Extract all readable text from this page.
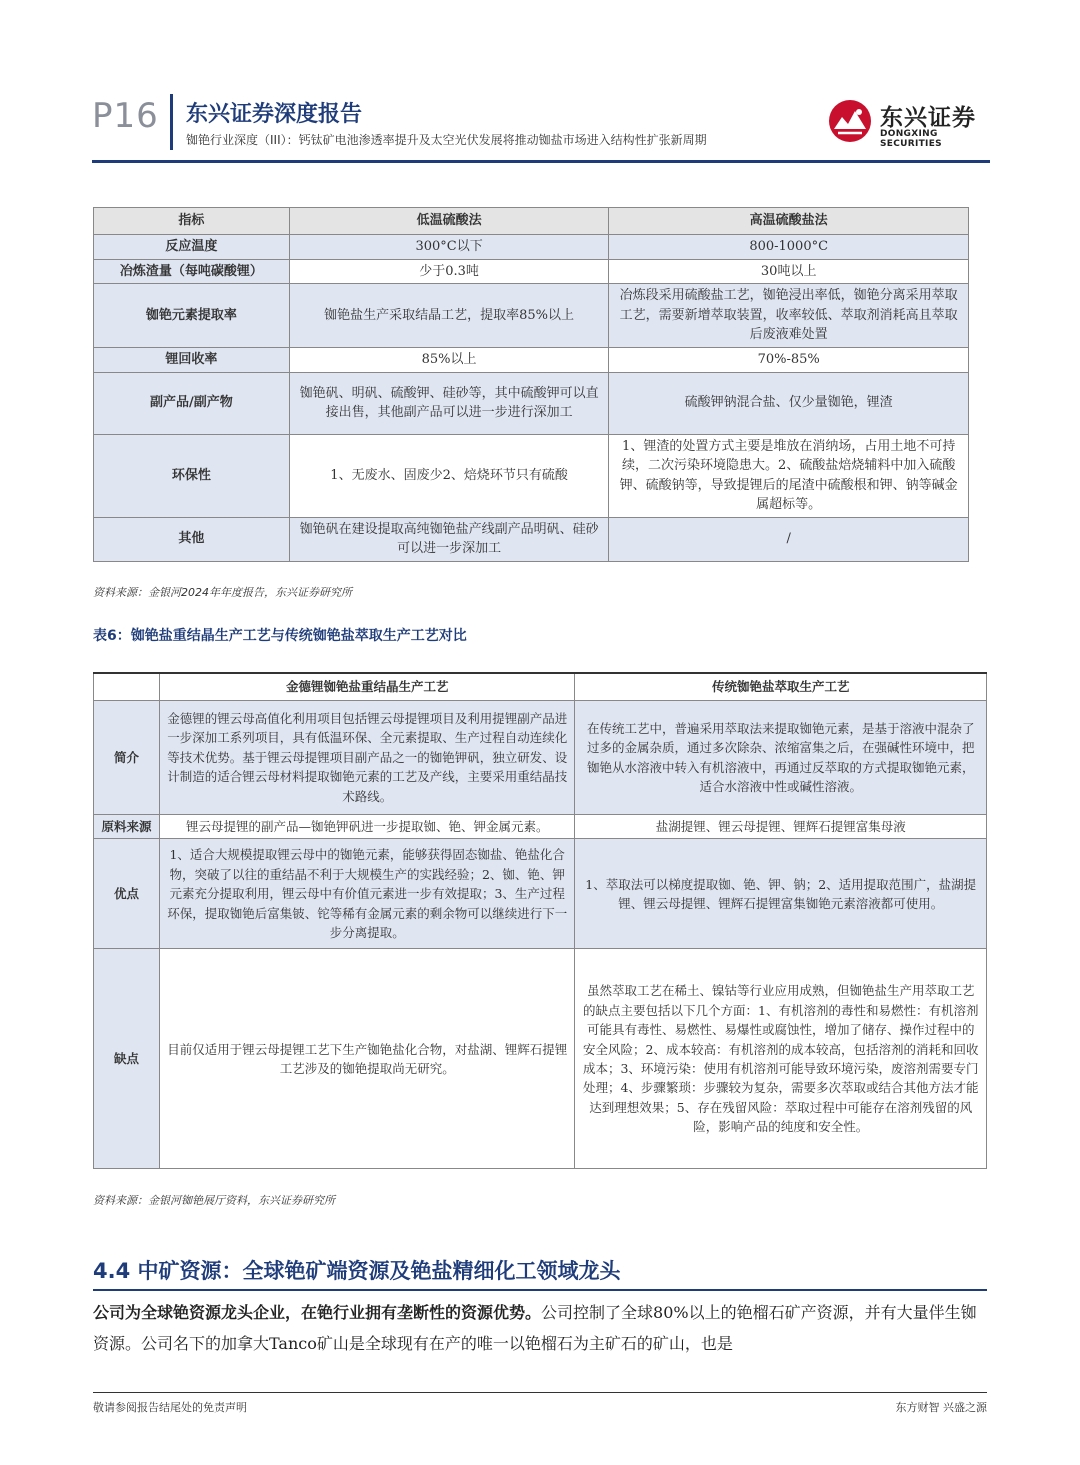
P16 东兴证券深度报告
铷铯行业深度（III）：钙钛矿电池渗透率提升及太空光伏发展将推动铷盐市场进入结构性扩张新周期
东兴证券
DONGXING SECURITIES
指标	低温硫酸法	高温硫酸盐法
反应温度	300°C以下	800-1000°C
冶炼渣量（每吨碳酸锂）	少于0.3吨	30吨以上
铷铯元素提取率	铷铯盐生产采取结晶工艺，提取率85%以上	冶炼段采用硫酸盐工艺，铷铯浸出率低，铷铯分离采用萃取工艺，需要新增萃取装置，收率较低、萃取剂消耗高且萃取后废液难处置
锂回收率	85%以上	70%-85%
副产品/副产物	铷铯矾、明矾、硫酸钾、硅砂等，其中硫酸钾可以直接出售，其他副产品可以进一步进行深加工	硫酸钾钠混合盐、仅少量铷铯，锂渣
环保性	1、无废水、固废少2、焙烧环节只有硫酸	1、锂渣的处置方式主要是堆放在消纳场，占用土地不可持续，二次污染环境隐患大。2、硫酸盐焙烧辅料中加入硫酸钾、硫酸钠等，导致提锂后的尾渣中硫酸根和钾、钠等碱金属超标等。
其他	铷铯矾在建设提取高纯铷铯盐产线副产品明矾、硅砂可以进一步深加工	/
资料来源：金银河2024年年度报告，东兴证券研究所
表6：铷铯盐重结晶生产工艺与传统铷铯盐萃取生产工艺对比
	金德锂铷铯盐重结晶生产工艺	传统铷铯盐萃取生产工艺
简介	金德锂的锂云母高值化利用项目包括锂云母提锂项目及利用提锂副产品进一步深加工系列项目，具有低温环保、全元素提取、生产过程自动连续化等技术优势。基于锂云母提锂项目副产品之一的铷铯钾矾，独立研发、设计制造的适合锂云母材料提取铷铯元素的工艺及产线，主要采用重结晶技术路线。	在传统工艺中，普遍采用萃取法来提取铷铯元素，是基于溶液中混杂了过多的金属杂质，通过多次除杂、浓缩富集之后，在强碱性环境中，把铷铯从水溶液中转入有机溶液中，再通过反萃取的方式提取铷铯元素，适合水溶液中性或碱性溶液。
原料来源	锂云母提锂的副产品—铷铯钾矾进一步提取铷、铯、钾金属元素。	盐湖提锂、锂云母提锂、锂辉石提锂富集母液
优点	1、适合大规模提取锂云母中的铷铯元素，能够获得固态铷盐、铯盐化合物，突破了以往的重结晶不利于大规模生产的实践经验；2、铷、铯、钾元素充分提取利用，锂云母中有价值元素进一步有效提取；3、生产过程环保，提取铷铯后富集铍、铊等稀有金属元素的剩余物可以继续进行下一步分离提取。	1、萃取法可以梯度提取铷、铯、钾、钠；2、适用提取范围广，盐湖提锂、锂云母提锂、锂辉石提锂富集铷铯元素溶液都可使用。
缺点	目前仅适用于锂云母提锂工艺下生产铷铯盐化合物，对盐湖、锂辉石提锂工艺涉及的铷铯提取尚无研究。	虽然萃取工艺在稀土、镍钴等行业应用成熟，但铷铯盐生产用萃取工艺的缺点主要包括以下几个方面：1、有机溶剂的毒性和易燃性：有机溶剂可能具有毒性、易燃性、易爆性或腐蚀性，增加了储存、操作过程中的安全风险；2、成本较高：有机溶剂的成本较高，包括溶剂的消耗和回收成本；3、环境污染：使用有机溶剂可能导致环境污染，废溶剂需要专门处理；4、步骤繁琐：步骤较为复杂，需要多次萃取或结合其他方法才能达到理想效果；5、存在残留风险：萃取过程中可能存在溶剂残留的风险，影响产品的纯度和安全性。
资料来源：金银河铷铯展厅资料，东兴证券研究所
4.4 中矿资源：全球铯矿端资源及铯盐精细化工领域龙头
公司为全球铯资源龙头企业，在铯行业拥有垄断性的资源优势。公司控制了全球80%以上的铯榴石矿产资源，并有大量伴生铷资源。公司名下的加拿大Tanco矿山是全球现有在产的唯一以铯榴石为主矿石的矿山，也是
敬请参阅报告结尾处的免责声明	东方财智 兴盛之源
